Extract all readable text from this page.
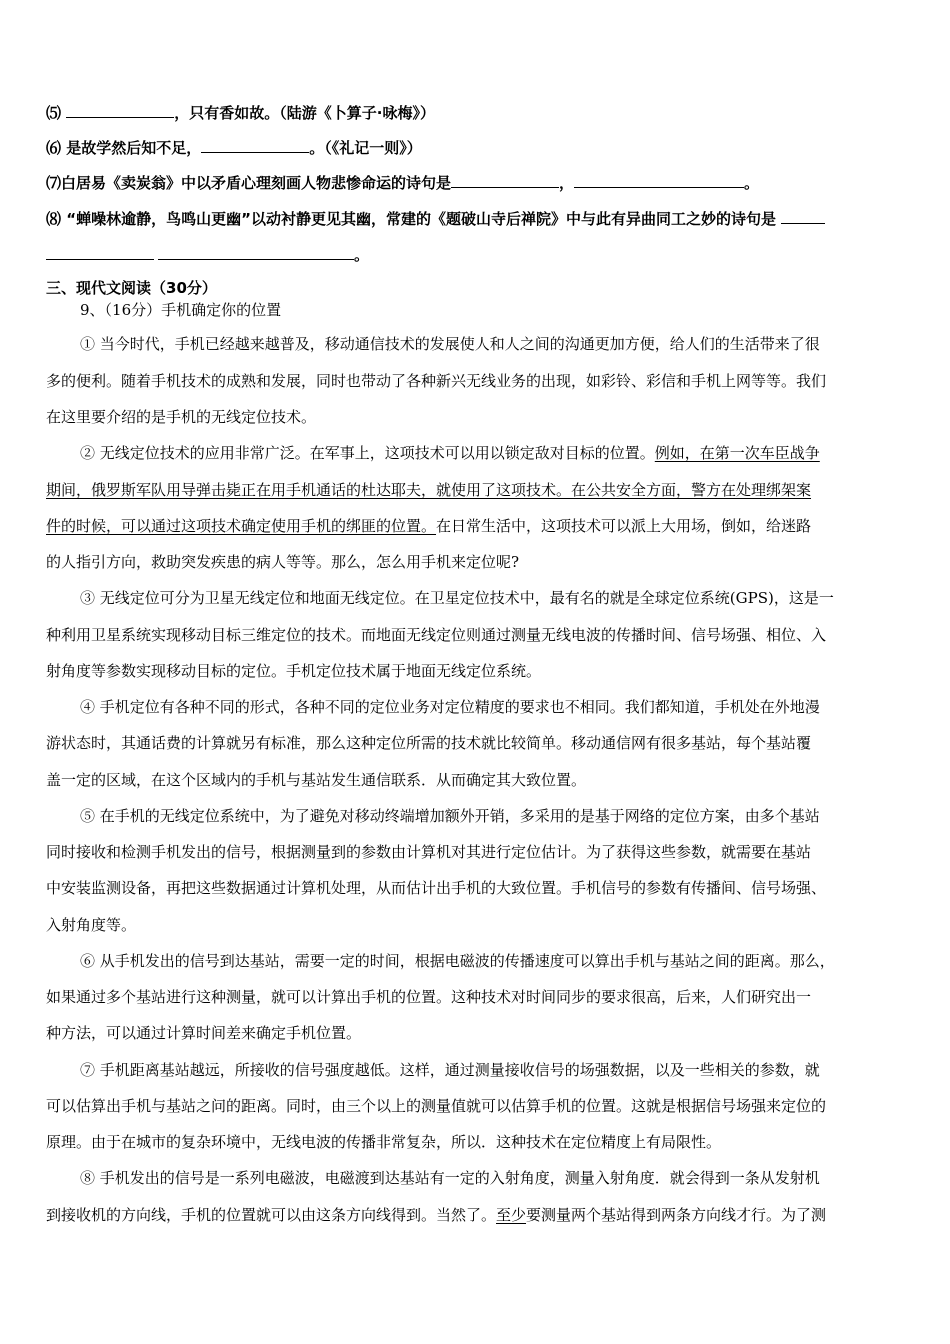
⑸	，只有香如故。（陆游《卜算子·咏梅》）
⑹ 是故学然后知不足，	。（《礼记一则》）
⑺白居易《卖炭翁》中以矛盾心理刻画人物悲惨命运的诗句是	，	。
⑻ “蝉噪林逾静，鸟鸣山更幽”以动衬静更见其幽，常建的《题破山寺后禅院》中与此有异曲同工之妙的诗句是
。
三、现代文阅读（30分）
9、（16分）手机确定你的位置
① 当今时代，手机已经越来越普及，移动通信技术的发展使人和人之间的沟通更加方便，给人们的生活带来了很
多的便利。随着手机技术的成熟和发展，同时也带动了各种新兴无线业务的出现，如彩铃、彩信和手机上网等等。我们
在这里要介绍的是手机的无线定位技术。
② 无线定位技术的应用非常广泛。在军事上，这项技术可以用以锁定敌对目标的位置。例如，在第一次车臣战争
期间，俄罗斯军队用导弹击毙正在用手机通话的杜达耶夫，就使用了这项技术。在公共安全方面，警方在处理绑架案
件的时候，可以通过这项技术确定使用手机的绑匪的位置。在日常生活中，这项技术可以派上大用场，倒如，给迷路
的人指引方向，救助突发疾患的病人等等。那么，怎么用手机来定位呢?
③ 无线定位可分为卫星无线定位和地面无线定位。在卫星定位技术中，最有名的就是全球定位系统(GPS)，这是一
种利用卫星系统实现移动目标三维定位的技术。而地面无线定位则通过测量无线电波的传播时间、信号场强、相位、入
射角度等参数实现移动目标的定位。手机定位技术属于地面无线定位系统。
④ 手机定位有各种不同的形式，各种不同的定位业务对定位精度的要求也不相同。我们都知道，手机处在外地漫
游状态时，其通话费的计算就另有标准，那么这种定位所需的技术就比较简单。移动通信网有很多基站，每个基站覆
盖一定的区域，在这个区域内的手机与基站发生通信联系．从而确定其大致位置。
⑤ 在手机的无线定位系统中，为了避免对移动终端增加额外开销，多采用的是基于网络的定位方案，由多个基站
同时接收和检测手机发出的信号，根据测量到的参数由计算机对其进行定位估计。为了获得这些参数，就需要在基站
中安装监测设备，再把这些数据通过计算机处理，从而估计出手机的大致位置。手机信号的参数有传播间、信号场强、
入射角度等。
⑥ 从手机发出的信号到达基站，需要一定的时间，根据电磁波的传播速度可以算出手机与基站之间的距离。那么，
如果通过多个基站进行这种测量，就可以计算出手机的位置。这种技术对时间同步的要求很高，后来，人们研究出一
种方法，可以通过计算时间差来确定手机位置。
⑦ 手机距离基站越远，所接收的信号强度越低。这样，通过测量接收信号的场强数据，以及一些相关的参数，就
可以估算出手机与基站之问的距离。同时，由三个以上的测量值就可以估算手机的位置。这就是根据信号场强来定位的
原理。由于在城市的复杂环境中，无线电波的传播非常复杂，所以．这种技术在定位精度上有局限性。
⑧ 手机发出的信号是一系列电磁波，电磁渡到达基站有一定的入射角度，测量入射角度．就会得到一条从发射机
到接收机的方向线，手机的位置就可以由这条方向线得到。当然了。至少要测量两个基站得到两条方向线才行。为了测
